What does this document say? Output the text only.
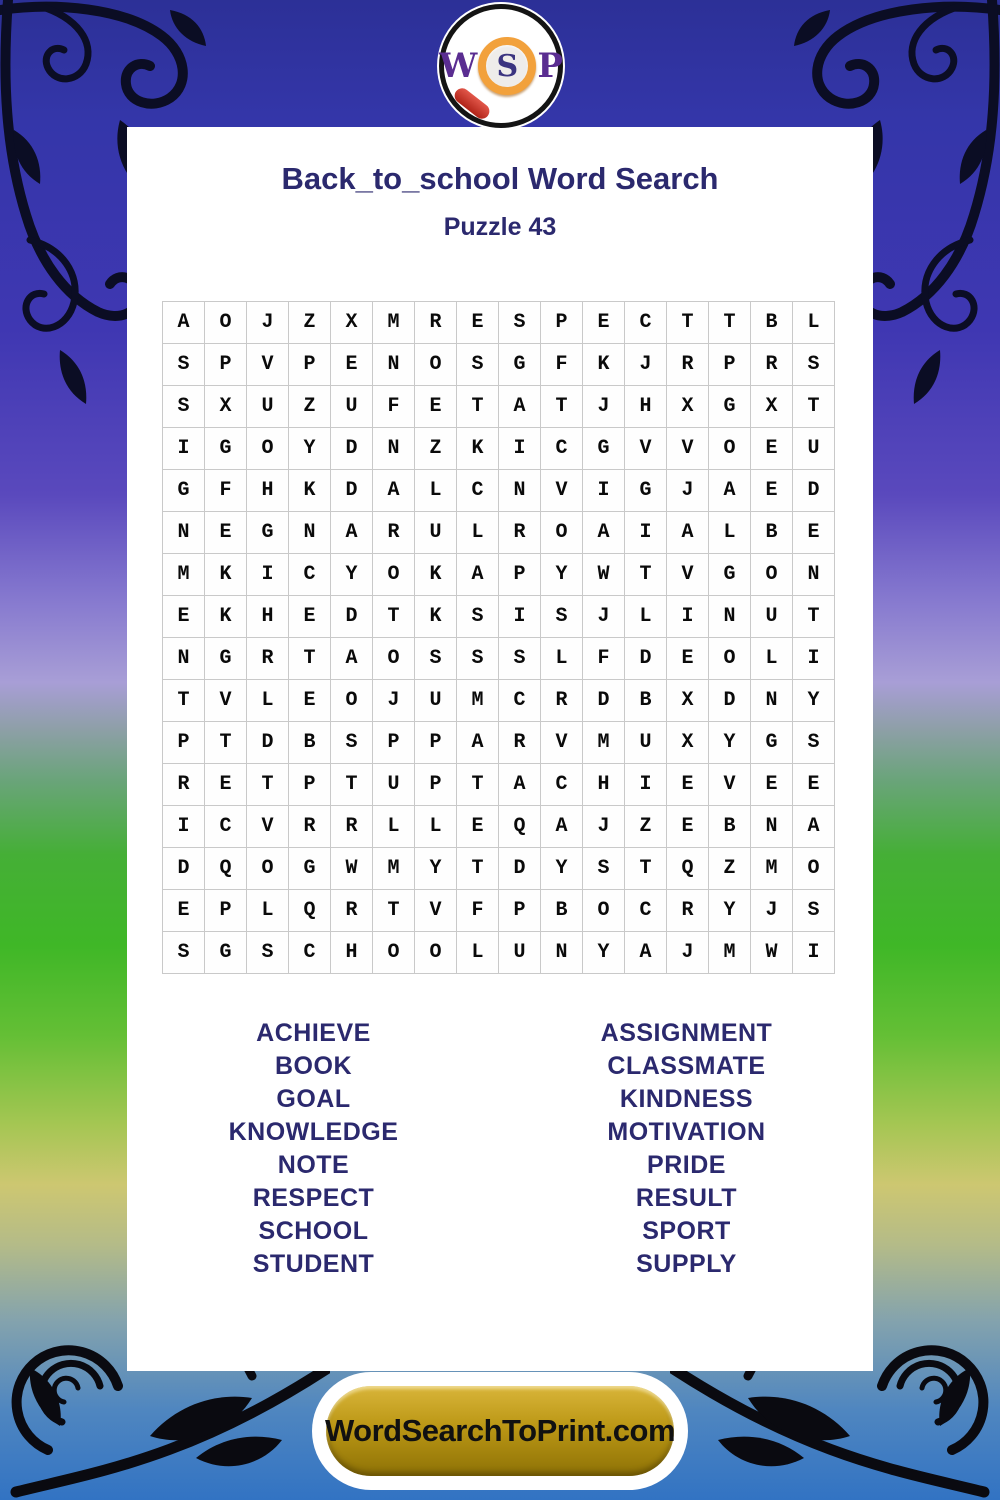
W S P
Back_to_school Word Search
Puzzle 43
A	O	J	Z	X	M	R	E	S	P	E	C	T	T	B	L
S	P	V	P	E	N	O	S	G	F	K	J	R	P	R	S
S	X	U	Z	U	F	E	T	A	T	J	H	X	G	X	T
I	G	O	Y	D	N	Z	K	I	C	G	V	V	O	E	U
G	F	H	K	D	A	L	C	N	V	I	G	J	A	E	D
N	E	G	N	A	R	U	L	R	O	A	I	A	L	B	E
M	K	I	C	Y	O	K	A	P	Y	W	T	V	G	O	N
E	K	H	E	D	T	K	S	I	S	J	L	I	N	U	T
N	G	R	T	A	O	S	S	S	L	F	D	E	O	L	I
T	V	L	E	O	J	U	M	C	R	D	B	X	D	N	Y
P	T	D	B	S	P	P	A	R	V	M	U	X	Y	G	S
R	E	T	P	T	U	P	T	A	C	H	I	E	V	E	E
I	C	V	R	R	L	L	E	Q	A	J	Z	E	B	N	A
D	Q	O	G	W	M	Y	T	D	Y	S	T	Q	Z	M	O
E	P	L	Q	R	T	V	F	P	B	O	C	R	Y	J	S
S	G	S	C	H	O	O	L	U	N	Y	A	J	M	W	I
ACHIEVE
BOOK
GOAL
KNOWLEDGE
NOTE
RESPECT
SCHOOL
STUDENT
ASSIGNMENT
CLASSMATE
KINDNESS
MOTIVATION
PRIDE
RESULT
SPORT
SUPPLY
WordSearchToPrint.com
